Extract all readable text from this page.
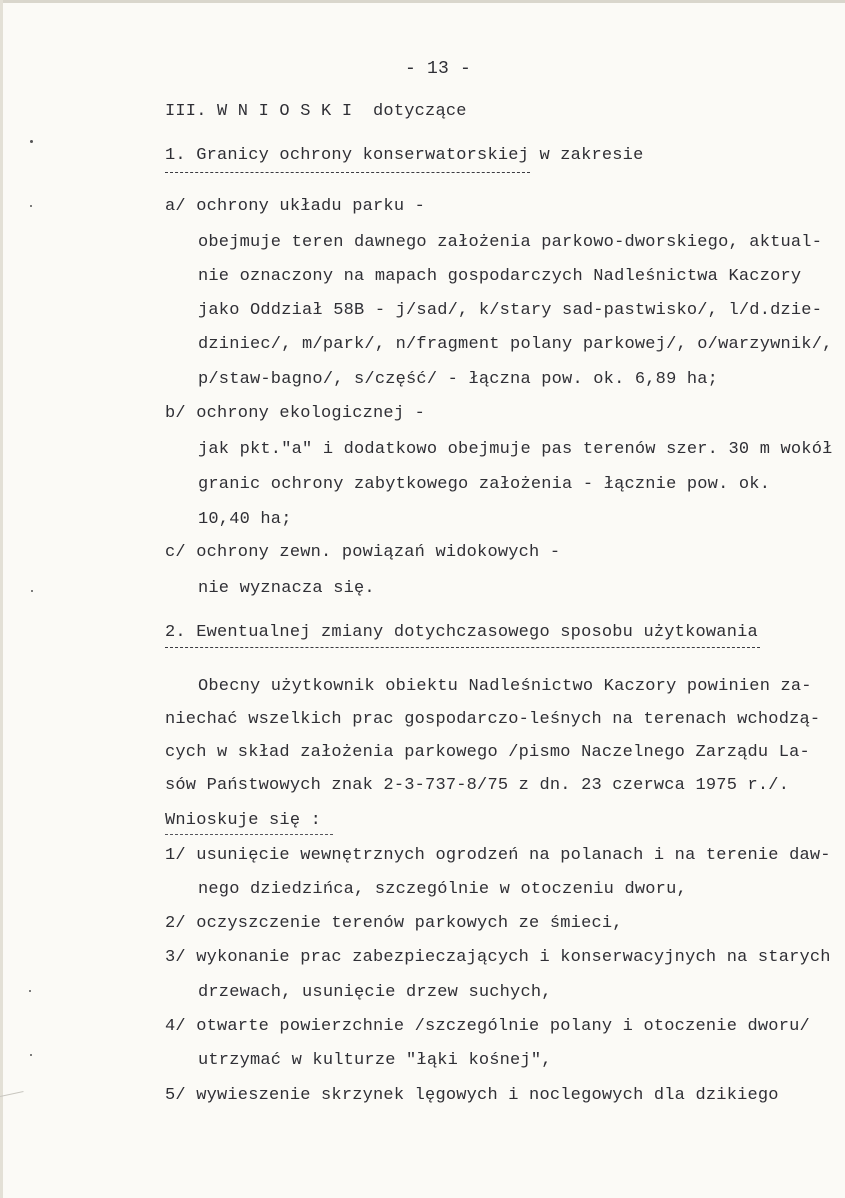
- 13 -
III. W N I O S K I  dotyczące
1. Granicy ochrony konserwatorskiej w zakresie
a/ ochrony układu parku -
obejmuje teren dawnego założenia parkowo-dworskiego, aktual-
nie oznaczony na mapach gospodarczych Nadleśnictwa Kaczory
jako Oddział 58B - j/sad/, k/stary sad-pastwisko/, l/d.dzie-
dziniec/, m/park/, n/fragment polany parkowej/, o/warzywnik/,
p/staw-bagno/, s/część/ - łączna pow. ok. 6,89 ha;
b/ ochrony ekologicznej -
jak pkt."a" i dodatkowo obejmuje pas terenów szer. 30 m wokół
granic ochrony zabytkowego założenia - łącznie pow. ok.
10,40 ha;
c/ ochrony zewn. powiązań widokowych -
nie wyznacza się.
2. Ewentualnej zmiany dotychczasowego sposobu użytkowania
Obecny użytkownik obiektu Nadleśnictwo Kaczory powinien za-
niechać wszelkich prac gospodarczo-leśnych na terenach wchodzą-
cych w skład założenia parkowego /pismo Naczelnego Zarządu La-
sów Państwowych znak 2-3-737-8/75 z dn. 23 czerwca 1975 r./.
Wnioskuje się :
1/ usunięcie wewnętrznych ogrodzeń na polanach i na terenie daw-
nego dziedzińca, szczególnie w otoczeniu dworu,
2/ oczyszczenie terenów parkowych ze śmieci,
3/ wykonanie prac zabezpieczających i konserwacyjnych na starych
drzewach, usunięcie drzew suchych,
4/ otwarte powierzchnie /szczególnie polany i otoczenie dworu/
utrzymać w kulturze "łąki kośnej",
5/ wywieszenie skrzynek lęgowych i noclegowych dla dzikiego
